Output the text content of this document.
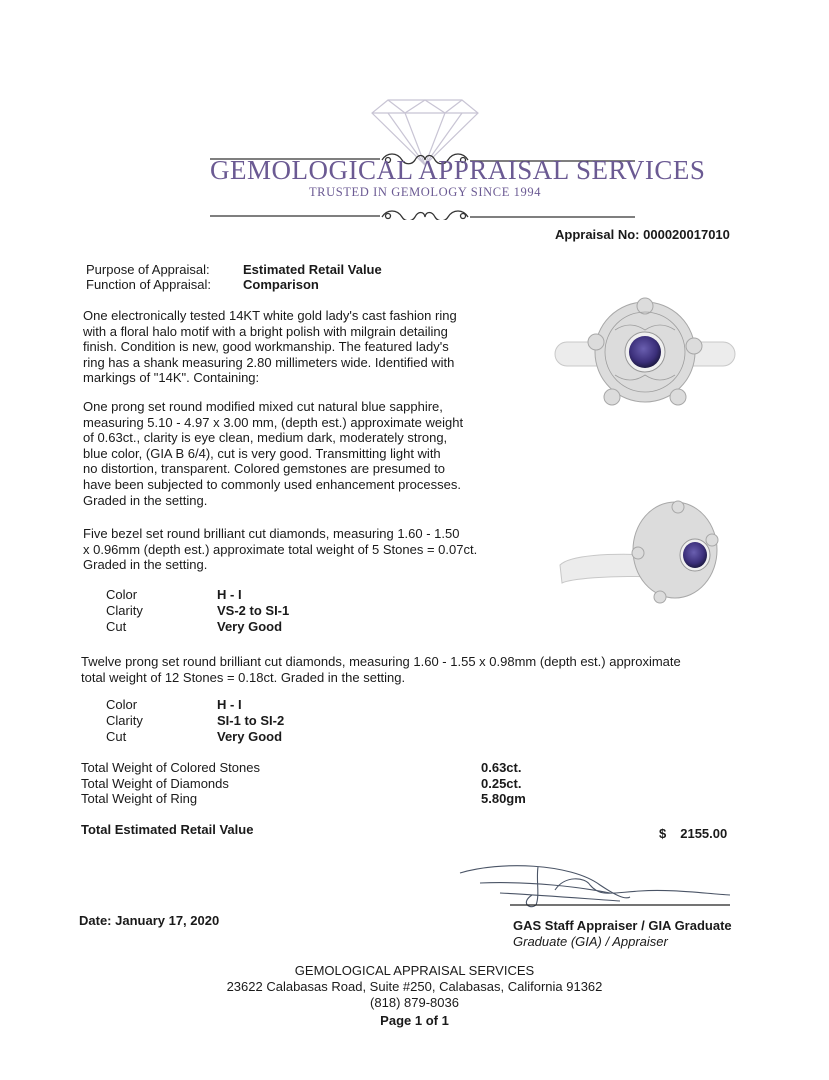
GEMOLOGICAL APPRAISAL SERVICES
TRUSTED IN GEMOLOGY SINCE 1994
Appraisal No: 000020017010
Purpose of Appraisal:	Estimated Retail Value
Function of Appraisal: Comparison
One electronically tested 14KT white gold lady's cast fashion ring
with a floral halo motif with a bright polish with milgrain detailing
finish. Condition is new, good workmanship. The featured lady's
ring has a shank measuring 2.80 millimeters wide. Identified with
markings of "14K". Containing:
One prong set round modified mixed cut natural blue sapphire,
measuring 5.10 - 4.97 x 3.00 mm, (depth est.) approximate weight
of 0.63ct., clarity is eye clean, medium dark, moderately strong,
blue color, (GIA B 6/4), cut is very good. Transmitting light with
no distortion, transparent. Colored gemstones are presumed to
have been subjected to commonly used enhancement processes.
Graded in the setting.
Five bezel set round brilliant cut diamonds, measuring 1.60 - 1.50
x 0.96mm (depth est.) approximate total weight of 5 Stones = 0.07ct.
Graded in the setting.
Color	H - I
Clarity	VS-2 to SI-1
Cut	Very Good
Twelve prong set round brilliant cut diamonds, measuring 1.60 - 1.55 x 0.98mm (depth est.) approximate
total weight of 12 Stones = 0.18ct. Graded in the setting.
Color	H - I
Clarity	SI-1 to SI-2
Cut	Very Good
Total Weight of Colored Stones	0.63ct.
Total Weight of Diamonds	0.25ct.
Total Weight of Ring	5.80gm
Total Estimated Retail Value	$ 2155.00
Date: January 17, 2020	GAS Staff Appraiser / GIA Graduate
Graduate (GIA) / Appraiser
GEMOLOGICAL APPRAISAL SERVICES
23622 Calabasas Road, Suite #250, Calabasas, California 91362
(818) 879-8036
Page 1 of 1
